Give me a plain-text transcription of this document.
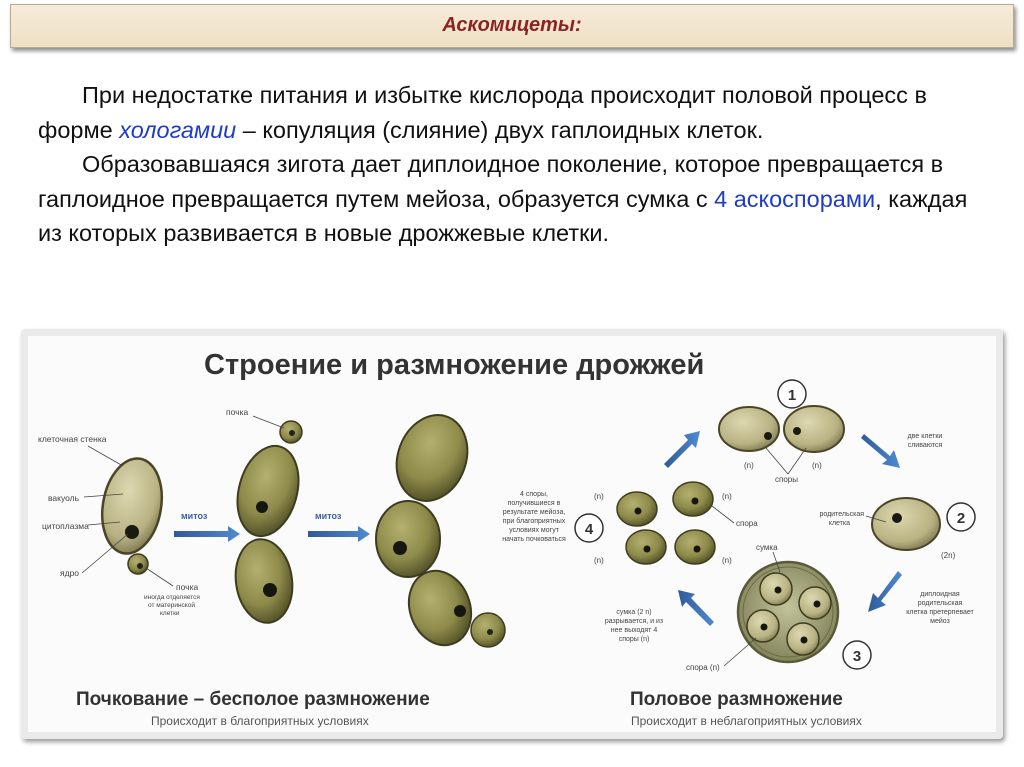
Аскомицеты:

При недостатке питания и избытке кислорода происходит половой процесс в форме хологамии – копуляция (слияние) двух гаплоидных клеток.

Образовавшаяся зигота дает диплоидное поколение, которое превращается в гаплоидное превращается путем мейоза, образуется сумка с 4 аскоспорами, каждая из которых развивается в новые дрожжевые клетки.

Строение и размножение дрожжей
клеточная стенка
вакуоль
цитоплазма
ядро
почка
иногда отделяется
от материнской
клетки
митоз
почка
митоз
4 споры,
получившиеся в
результате мейоза,
при благоприятных
условиях могут
начать почковаться
1
(n)	(n)
споры
две клетки
сливаются
2
родительская
клетка
(2n)
диплоидная
родительская
клетка претерпевает
мейоз
3
сумка
спора (n)
сумка (2 n)
разрывается, и из
нее выходят 4
споры (n)
4
(n)	(n)
(n)	(n)
спора
Почкование – бесполое размножение
Происходит в благоприятных условиях
Половое размножение
Происходит в неблагоприятных условиях
